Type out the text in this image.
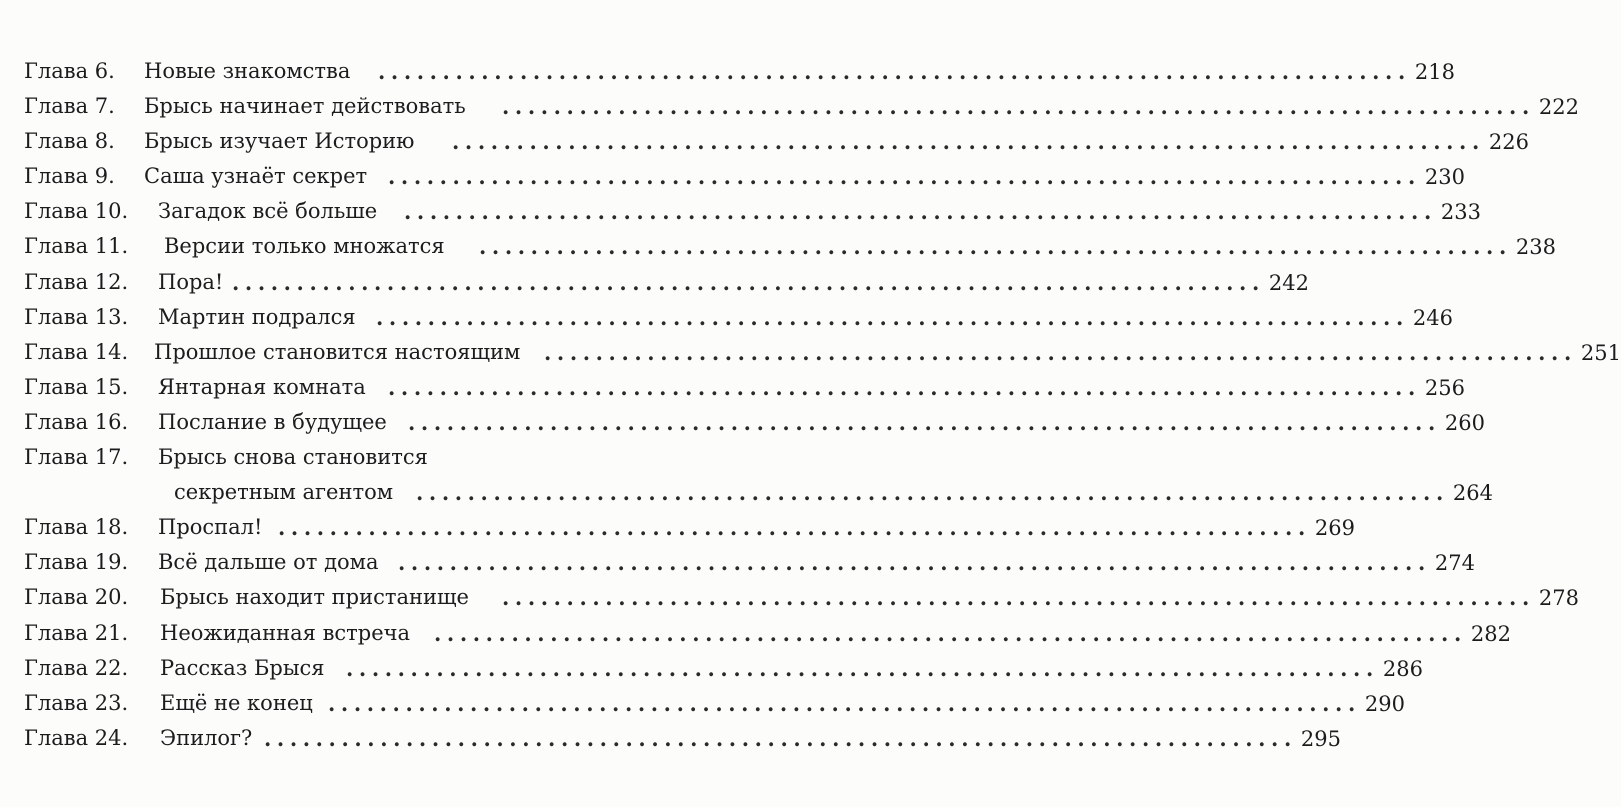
Глава 6. Новые знакомства ................................................................................ 218
Глава 7. Брысь начинает действовать ................................................................................ 222
Глава 8. Брысь изучает Историю ................................................................................ 226
Глава 9. Саша узнаёт секрет ................................................................................ 230
Глава 10. Загадок всё больше ................................................................................ 233
Глава 11. Версии только множатся ................................................................................ 238
Глава 12. Пора! ................................................................................ 242
Глава 13. Мартин подрался ................................................................................ 246
Глава 14. Прошлое становится настоящим ................................................................................ 251
Глава 15. Янтарная комната ................................................................................ 256
Глава 16. Послание в будущее ................................................................................ 260
Глава 17. Брысь снова становится
секретным агентом ................................................................................ 264
Глава 18. Проспал! ................................................................................ 269
Глава 19. Всё дальше от дома ................................................................................ 274
Глава 20. Брысь находит пристанище ................................................................................ 278
Глава 21. Неожиданная встреча ................................................................................ 282
Глава 22. Рассказ Брыся ................................................................................ 286
Глава 23. Ещё не конец ................................................................................ 290
Глава 24. Эпилог? ................................................................................ 295
